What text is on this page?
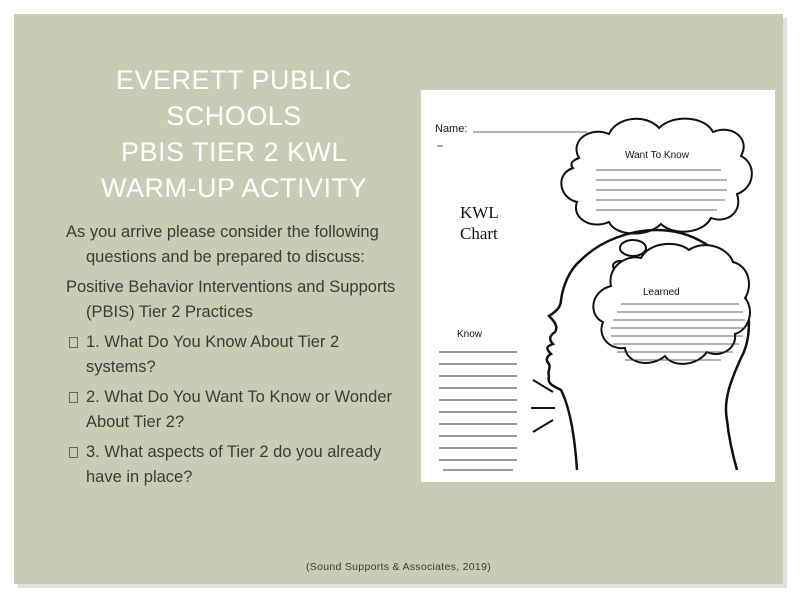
EVERETT PUBLIC
SCHOOLS
PBIS TIER 2 KWL
WARM-UP ACTIVITY
As you arrive please consider the following questions and be prepared to discuss:
Positive Behavior Interventions and Supports (PBIS) Tier 2 Practices
1. What Do You Know About Tier 2 systems?
2. What Do You Want To Know or Wonder About Tier 2?
3. What aspects of Tier 2 do you already have in place?
(Sound Supports & Associates, 2019)
Name:
Want To Know
KWL
Chart
Learned
Know
